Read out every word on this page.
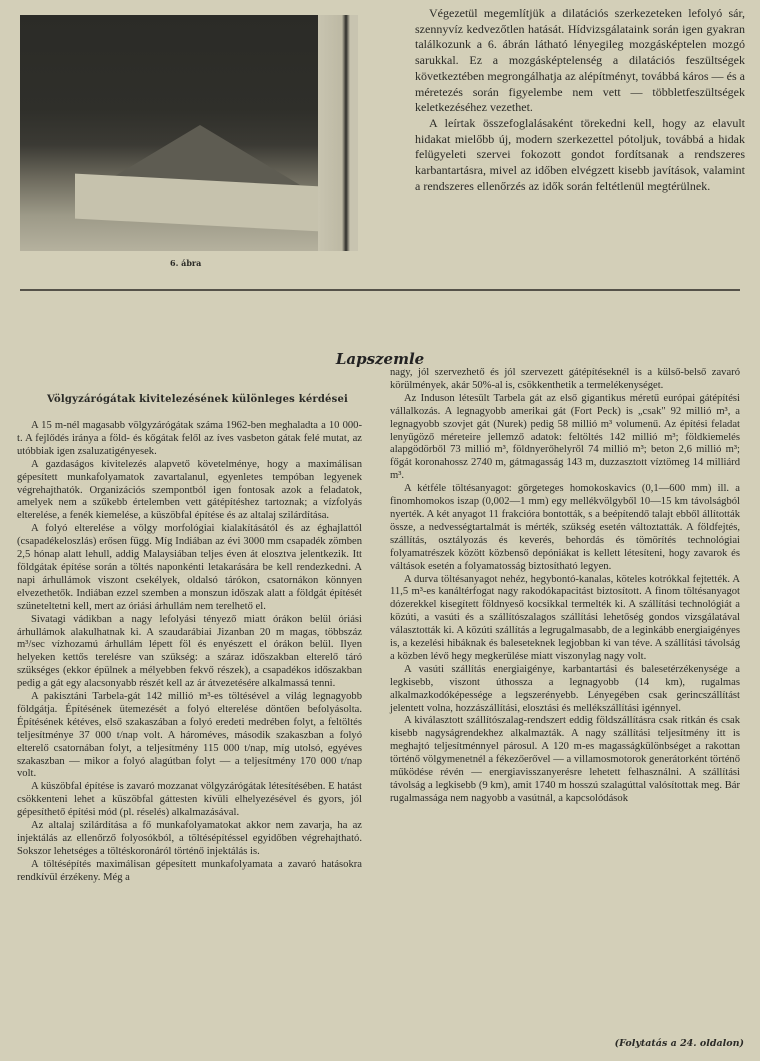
6. ábra

Végezetül megemlítjük a dilatációs szerkezeteken lefolyó sár, szennyvíz kedvezőtlen hatását. Hídvizsgálataink során igen gyakran találkozunk a 6. ábrán látható lényegileg mozgásképtelen mozgó sarukkal. Ez a mozgásképtelenség a dilatációs feszültségek következtében megrongálhatja az alépítményt, továbbá káros — és a méretezés során figyelembe nem vett — többletfeszültségek keletkezéséhez vezethet.

A leírtak összefoglalásaként törekedni kell, hogy az elavult hidakat mielőbb új, modern szerkezettel pótoljuk, továbbá a hidak felügyeleti szervei fokozott gondot fordítsanak a rendszeres karbantartásra, mivel az időben elvégzett kisebb javítások, valamint a rendszeres ellenőrzés az idők során feltétlenül megtérülnek.

Lapszemle
Völgyzárógátak kivitelezésének különleges kérdései

A 15 m-nél magasabb völgyzárógátak száma 1962-ben meghaladta a 10 000-t. A fejlődés iránya a föld- és kőgátak felől az íves vasbeton gátak felé mutat, az utóbbiak igen zsaluzatigényesek.

A gazdaságos kivitelezés alapvető követelménye, hogy a maximálisan gépesített munkafolyamatok zavartalanul, egyenletes tempóban legyenek végrehajthatók. Organizációs szempontból igen fontosak azok a feladatok, amelyek nem a szűkebb értelemben vett gátépítéshez tartoznak; a vízfolyás elterelése, a fenék kiemelése, a küszöbfal építése és az altalaj szilárdítása.

A folyó elterelése a völgy morfológiai kialakításától és az éghajlattól (csapadékeloszlás) erősen függ. Míg Indiában az évi 3000 mm csapadék zömben 2,5 hónap alatt lehull, addig Malaysiában teljes éven át elosztva jelentkezik. Itt földgátak építése során a töltés naponkénti letakarására be kell rendezkedni. A napi árhullámok viszont csekélyek, oldalsó tárókon, csatornákon könnyen elvezethetők. Indiában ezzel szemben a monszun időszak alatt a földgát építését szüneteltetni kell, mert az óriási árhullám nem terelhető el.

Sivatagi vádikban a nagy lefolyási tényező miatt órákon belül óriási árhullámok alakulhatnak ki. A szaudarábiai Jizanban 20 m magas, többszáz m³/sec vízhozamú árhullám lépett föl és enyészett el órákon belül. Ilyen helyeken kettős terelésre van szükség: a száraz időszakban elterelő táró szükséges (ekkor épülnek a mélyebben fekvő részek), a csapadékos időszakban pedig a gát egy alacsonyabb részét kell az ár átvezetésére alkalmassá tenni.

A pakisztáni Tarbela-gát 142 millió m³-es töltésével a világ legnagyobb földgátja. Építésének ütemezését a folyó elterelése döntően befolyásolta. Építésének kétéves, első szakaszában a folyó eredeti medrében folyt, a feltöltés teljesítménye 37 000 t/nap volt. A hároméves, második szakaszban a folyó elterelő csatornában folyt, a teljesítmény 115 000 t/nap, míg utolsó, egyéves szakaszban — mikor a folyó alagútban folyt — a teljesítmény 170 000 t/nap volt.

A küszöbfal építése is zavaró mozzanat völgyzárógátak létesítésében. E hatást csökkenteni lehet a küszöbfal gáttesten kívüli elhelyezésével és gyors, jól gépesíthető építési mód (pl. réselés) alkalmazásával.

Az altalaj szilárdítása a fő munkafolyamatokat akkor nem zavarja, ha az injektálás az ellenőrző folyosókból, a töltésépítéssel egyidőben végrehajtható. Sokszor lehetséges a töltéskoronáról történő injektálás is.

A töltésépítés maximálisan gépesített munkafolyamata a zavaró hatásokra rendkívül érzékeny. Még a

nagy, jól szervezhető és jól szervezett gátépítéseknél is a külső-belső zavaró körülmények, akár 50%-al is, csökkenthetik a termelékenységet.

Az Induson létesült Tarbela gát az első gigantikus méretű európai gátépítési vállalkozás. A legnagyobb amerikai gát (Fort Peck) is „csak" 92 millió m³, a legnagyobb szovjet gát (Nurek) pedig 58 millió m³ volumenű. Az építési feladat lenyűgöző méreteire jellemző adatok: feltöltés 142 millió m³; földkiemelés alapgödörből 73 millió m³, földnyerőhelyről 74 millió m³; beton 2,6 millió m³; főgát koronahossz 2740 m, gátmagasság 143 m, duzzasztott víztömeg 14 milliárd m³.

A kétféle töltésanyagot: görgeteges homokoskavics (0,1—600 mm) ill. a finomhomokos iszap (0,002—1 mm) egy mellékvölgyből 10—15 km távolságból nyerték. A két anyagot 11 frakcióra bontották, s a beépítendő talajt ebből állították össze, a nedvességtartalmát is mérték, szükség esetén változtatták. A földfejtés, szállítás, osztályozás és keverés, behordás és tömörítés technológiai folyamatrészek között közbenső depóniákat is kellett létesíteni, hogy zavarok és váltások esetén a folyamatosság biztosítható legyen.

A durva töltésanyagot nehéz, hegybontó-kanalas, köteles kotrókkal fejtették. A 11,5 m³-es kanáltérfogat nagy rakodókapacitást biztosított. A finom töltésanyagot dózerekkel kisegített földnyeső kocsikkal termelték ki. A szállítási technológiát a közúti, a vasúti és a szállítószalagos szállítási lehetőség gondos vizsgálatával választották ki. A közúti szállítás a legrugalmasabb, de a leginkább energiaigényes is, a kezelési hibáknak és baleseteknek legjobban ki van téve. A szállítási távolság a közben lévő hegy megkerülése miatt viszonylag nagy volt.

A vasúti szállítás energiaigénye, karbantartási és balesetérzékenysége a legkisebb, viszont úthossza a legnagyobb (14 km), rugalmas alkalmazkodóképessége a legszerényebb. Lényegében csak gerincszállítást jelentett volna, hozzászállítási, elosztási és mellékszállítási igénnyel.

A kiválasztott szállítószalag-rendszert eddig földszállításra csak ritkán és csak kisebb nagyságrendekhez alkalmazták. A nagy szállítási teljesítmény itt is meghajtó teljesítménnyel párosul. A 120 m-es magasságkülönbséget a rakottan történő völgymenetnél a fékezőerővel — a villamosmotorok generátorként történő működése révén — energiavisszanyerésre lehetett felhasználni. A szállítási távolság a legkisebb (9 km), amit 1740 m hosszú szalagúttal valósítottak meg. Bár rugalmassága nem nagyobb a vasútnál, a kapcsolódások

(Folytatás a 24. oldalon)
